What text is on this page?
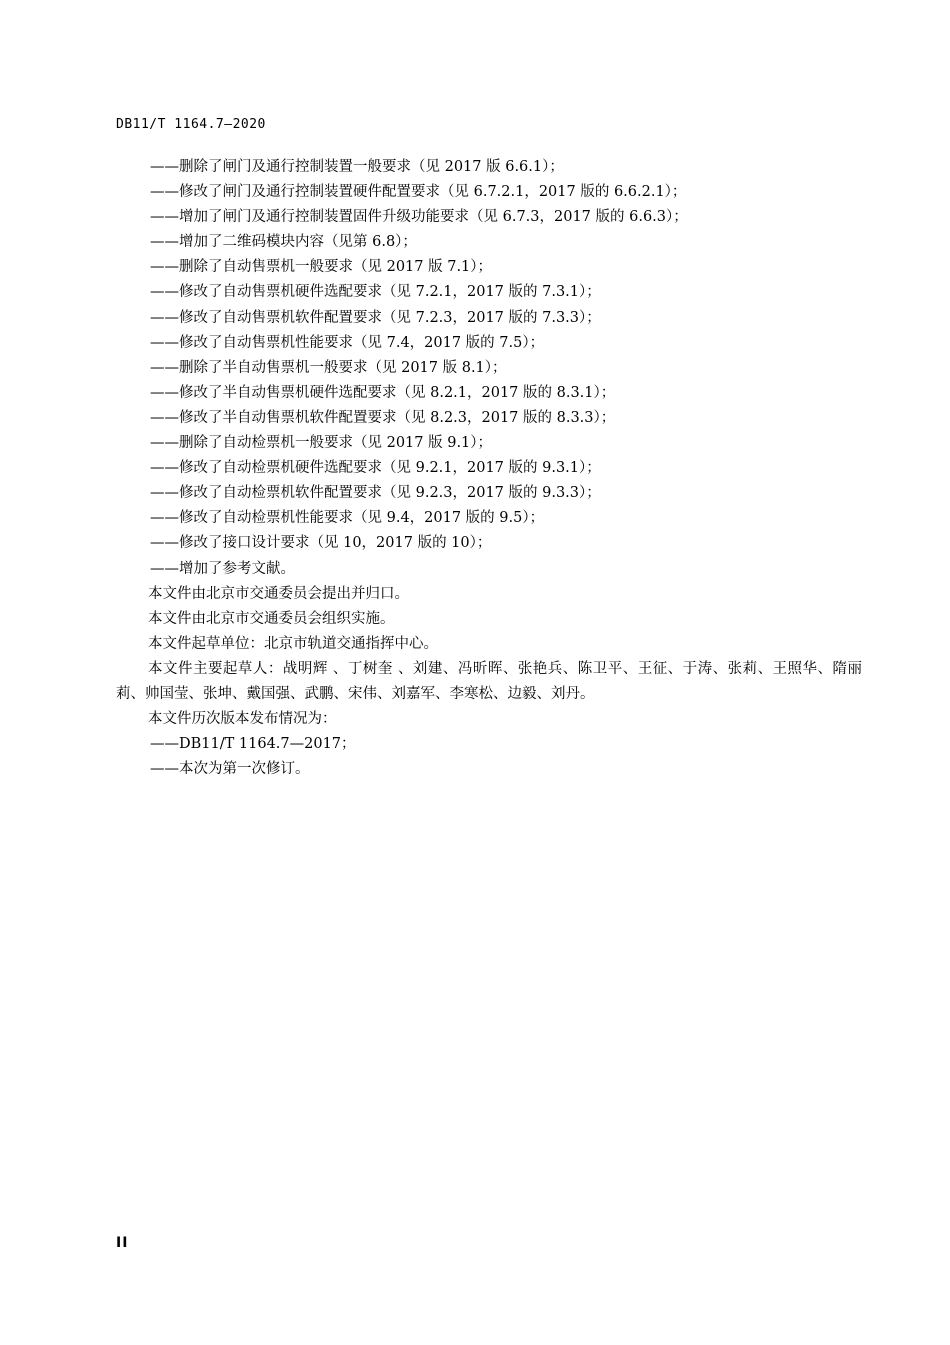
DB11/T 1164.7—2020
——删除了闸门及通行控制装置一般要求（见 2017 版 6.6.1）；
——修改了闸门及通行控制装置硬件配置要求（见 6.7.2.1，2017 版的 6.6.2.1）；
——增加了闸门及通行控制装置固件升级功能要求（见 6.7.3，2017 版的 6.6.3）；
——增加了二维码模块内容（见第 6.8）；
——删除了自动售票机一般要求（见 2017 版 7.1）；
——修改了自动售票机硬件选配要求（见 7.2.1，2017 版的 7.3.1）；
——修改了自动售票机软件配置要求（见 7.2.3，2017 版的 7.3.3）；
——修改了自动售票机性能要求（见 7.4，2017 版的 7.5）；
——删除了半自动售票机一般要求（见 2017 版 8.1）；
——修改了半自动售票机硬件选配要求（见 8.2.1，2017 版的 8.3.1）；
——修改了半自动售票机软件配置要求（见 8.2.3，2017 版的 8.3.3）；
——删除了自动检票机一般要求（见 2017 版 9.1）；
——修改了自动检票机硬件选配要求（见 9.2.1，2017 版的 9.3.1）；
——修改了自动检票机软件配置要求（见 9.2.3，2017 版的 9.3.3）；
——修改了自动检票机性能要求（见 9.4，2017 版的 9.5）；
——修改了接口设计要求（见 10，2017 版的 10）；
——增加了参考文献。

本文件由北京市交通委员会提出并归口。

本文件由北京市交通委员会组织实施。

本文件起草单位：北京市轨道交通指挥中心。

本文件主要起草人：战明辉 、丁树奎 、刘建、冯昕晖、张艳兵、陈卫平、王征、于涛、张莉、王照华、隋丽莉、帅国莹、张坤、戴国强、武鹏、宋伟、刘嘉军、李寒松、边毅、刘丹。

本文件历次版本发布情况为：

——DB11/T 1164.7—2017；

——本次为第一次修订。

II
